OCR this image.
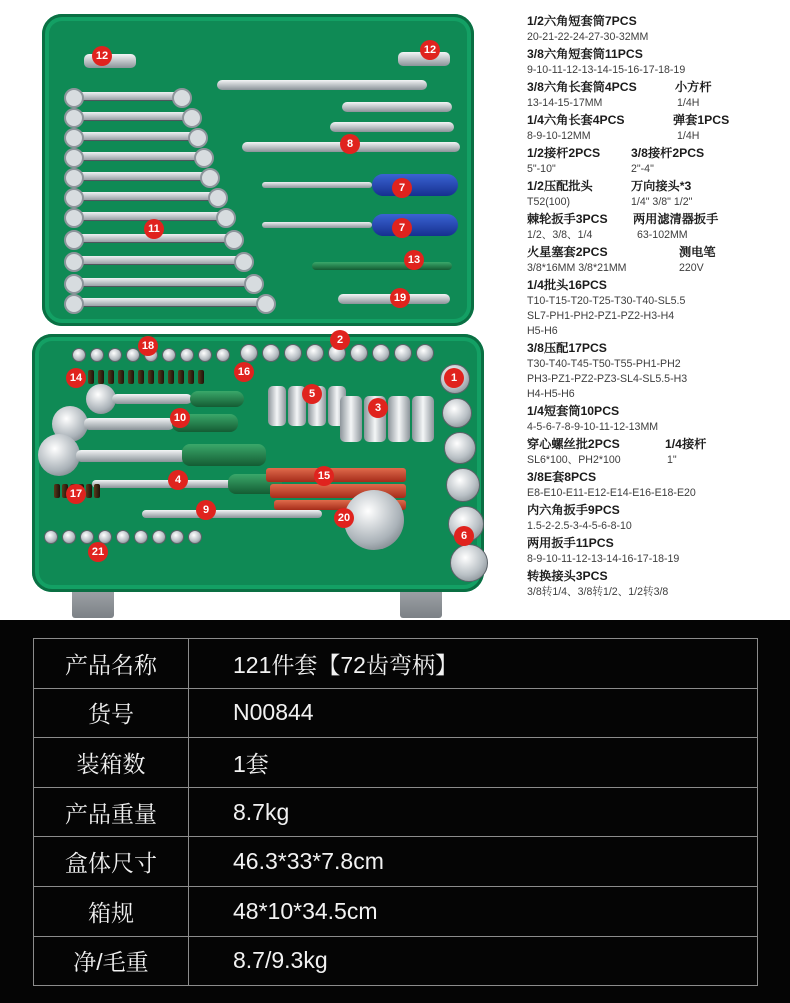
12	12
8
7
11	7
13
19
2
18
1
14	16
5
3
10
4	15
17
9
20
6
21
1/2六角短套筒7PCS
20-21-22-24-27-30-32MM
3/8六角短套筒11PCS
9-10-11-12-13-14-15-16-17-18-19
3/8六角长套筒4PCS	小方杆
13-14-15-17MM	1/4H
1/4六角长套4PCS	弹套1PCS
8-9-10-12MM	1/4H
1/2接杆2PCS	3/8接杆2PCS
5"-10"	2"-4"
1/2压配批头	万向接头*3
T52(100)	1/4" 3/8" 1/2"
棘轮扳手3PCS	两用滤清器扳手
1/2、3/8、1/4	63-102MM
火星塞套2PCS	测电笔
3/8*16MM 3/8*21MM	220V
1/4批头16PCS
T10-T15-T20-T25-T30-T40-SL5.5
SL7-PH1-PH2-PZ1-PZ2-H3-H4
H5-H6
3/8压配17PCS
T30-T40-T45-T50-T55-PH1-PH2
PH3-PZ1-PZ2-PZ3-SL4-SL5.5-H3
H4-H5-H6
1/4短套筒10PCS
4-5-6-7-8-9-10-11-12-13MM
穿心螺丝批2PCS	1/4接杆
SL6*100、PH2*100	1"
3/8E套8PCS
E8-E10-E11-E12-E14-E16-E18-E20
内六角扳手9PCS
1.5-2-2.5-3-4-5-6-8-10
两用扳手11PCS
8-9-10-11-12-13-14-16-17-18-19
转换接头3PCS
3/8转1/4、3/8转1/2、1/2转3/8
产品名称	121件套【72齿弯柄】
货号	N00844
装箱数	1套
产品重量	8.7kg
盒体尺寸	46.3*33*7.8cm
箱规	48*10*34.5cm
净/毛重	8.7/9.3kg
